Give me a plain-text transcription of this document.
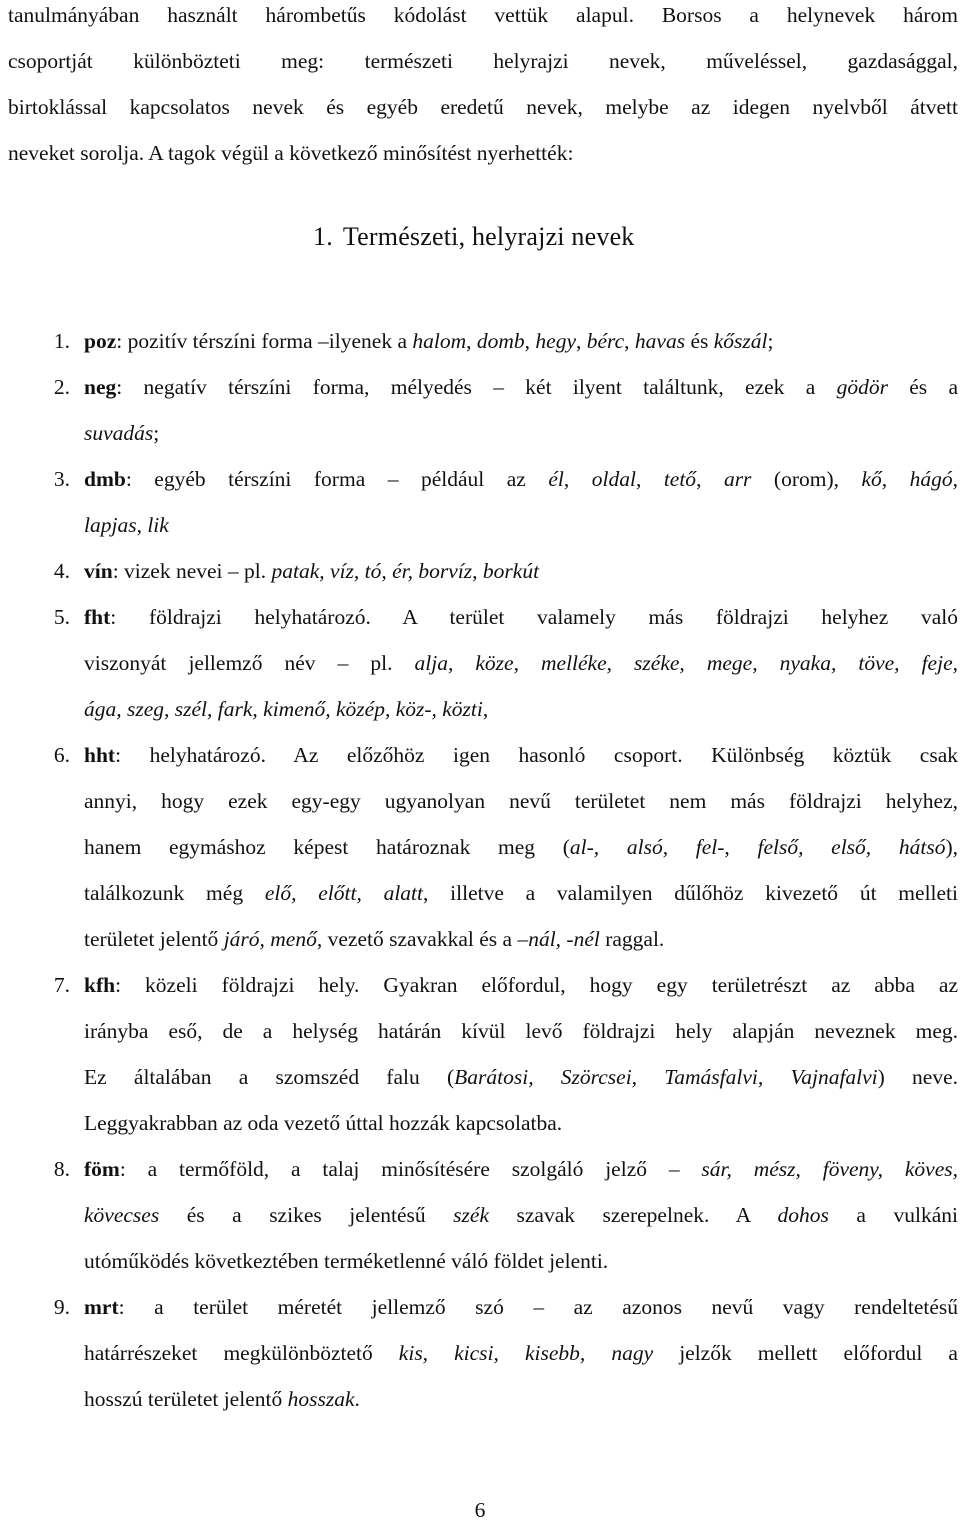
tanulmányában használt hárombetűs kódolást vettük alapul. Borsos a helynevek három
csoportját különbözteti meg: természeti helyrajzi nevek, műveléssel, gazdasággal,
birtoklással kapcsolatos nevek és egyéb eredetű nevek, melybe az idegen nyelvből átvett
neveket sorolja. A tagok végül a következő minősítést nyerhették:
1. Természeti, helyrajzi nevek
1. poz: pozitív térszíni forma –ilyenek a halom, domb, hegy, bérc, havas és kőszál;
2. neg: negatív térszíni forma, mélyedés – két ilyent találtunk, ezek a gödör és a
suvadás;
3. dmb: egyéb térszíni forma – például az él, oldal, tető, arr (orom), kő, hágó,
lapjas, lik
4. vín: vizek nevei – pl. patak, víz, tó, ér, borvíz, borkút
5. fht: földrajzi helyhatározó. A terület valamely más földrajzi helyhez való
viszonyát jellemző név – pl. alja, köze, melléke, széke, mege, nyaka, töve, feje,
ága, szeg, szél, fark, kimenő, közép, köz-, közti,
6. hht: helyhatározó. Az előzőhöz igen hasonló csoport. Különbség köztük csak
annyi, hogy ezek egy-egy ugyanolyan nevű területet nem más földrajzi helyhez,
hanem egymáshoz képest határoznak meg (al-, alsó, fel-, felső, első, hátsó),
találkozunk még elő, előtt, alatt, illetve a valamilyen dűlőhöz kivezető út melleti
területet jelentő járó, menő, vezető szavakkal és a –nál, -nél raggal.
7. kfh: közeli földrajzi hely. Gyakran előfordul, hogy egy területrészt az abba az
irányba eső, de a helység határán kívül levő földrajzi hely alapján neveznek meg.
Ez általában a szomszéd falu (Barátosi, Szörcsei, Tamásfalvi, Vajnafalvi) neve.
Leggyakrabban az oda vezető úttal hozzák kapcsolatba.
8. föm: a termőföld, a talaj minősítésére szolgáló jelző – sár, mész, föveny, köves,
kövecses és a szikes jelentésű szék szavak szerepelnek. A dohos a vulkáni
utóműködés következtében terméketlenné váló földet jelenti.
9. mrt: a terület méretét jellemző szó – az azonos nevű vagy rendeltetésű
határrészeket megkülönböztető kis, kicsi, kisebb, nagy jelzők mellett előfordul a
hosszú területet jelentő hosszak.
6
